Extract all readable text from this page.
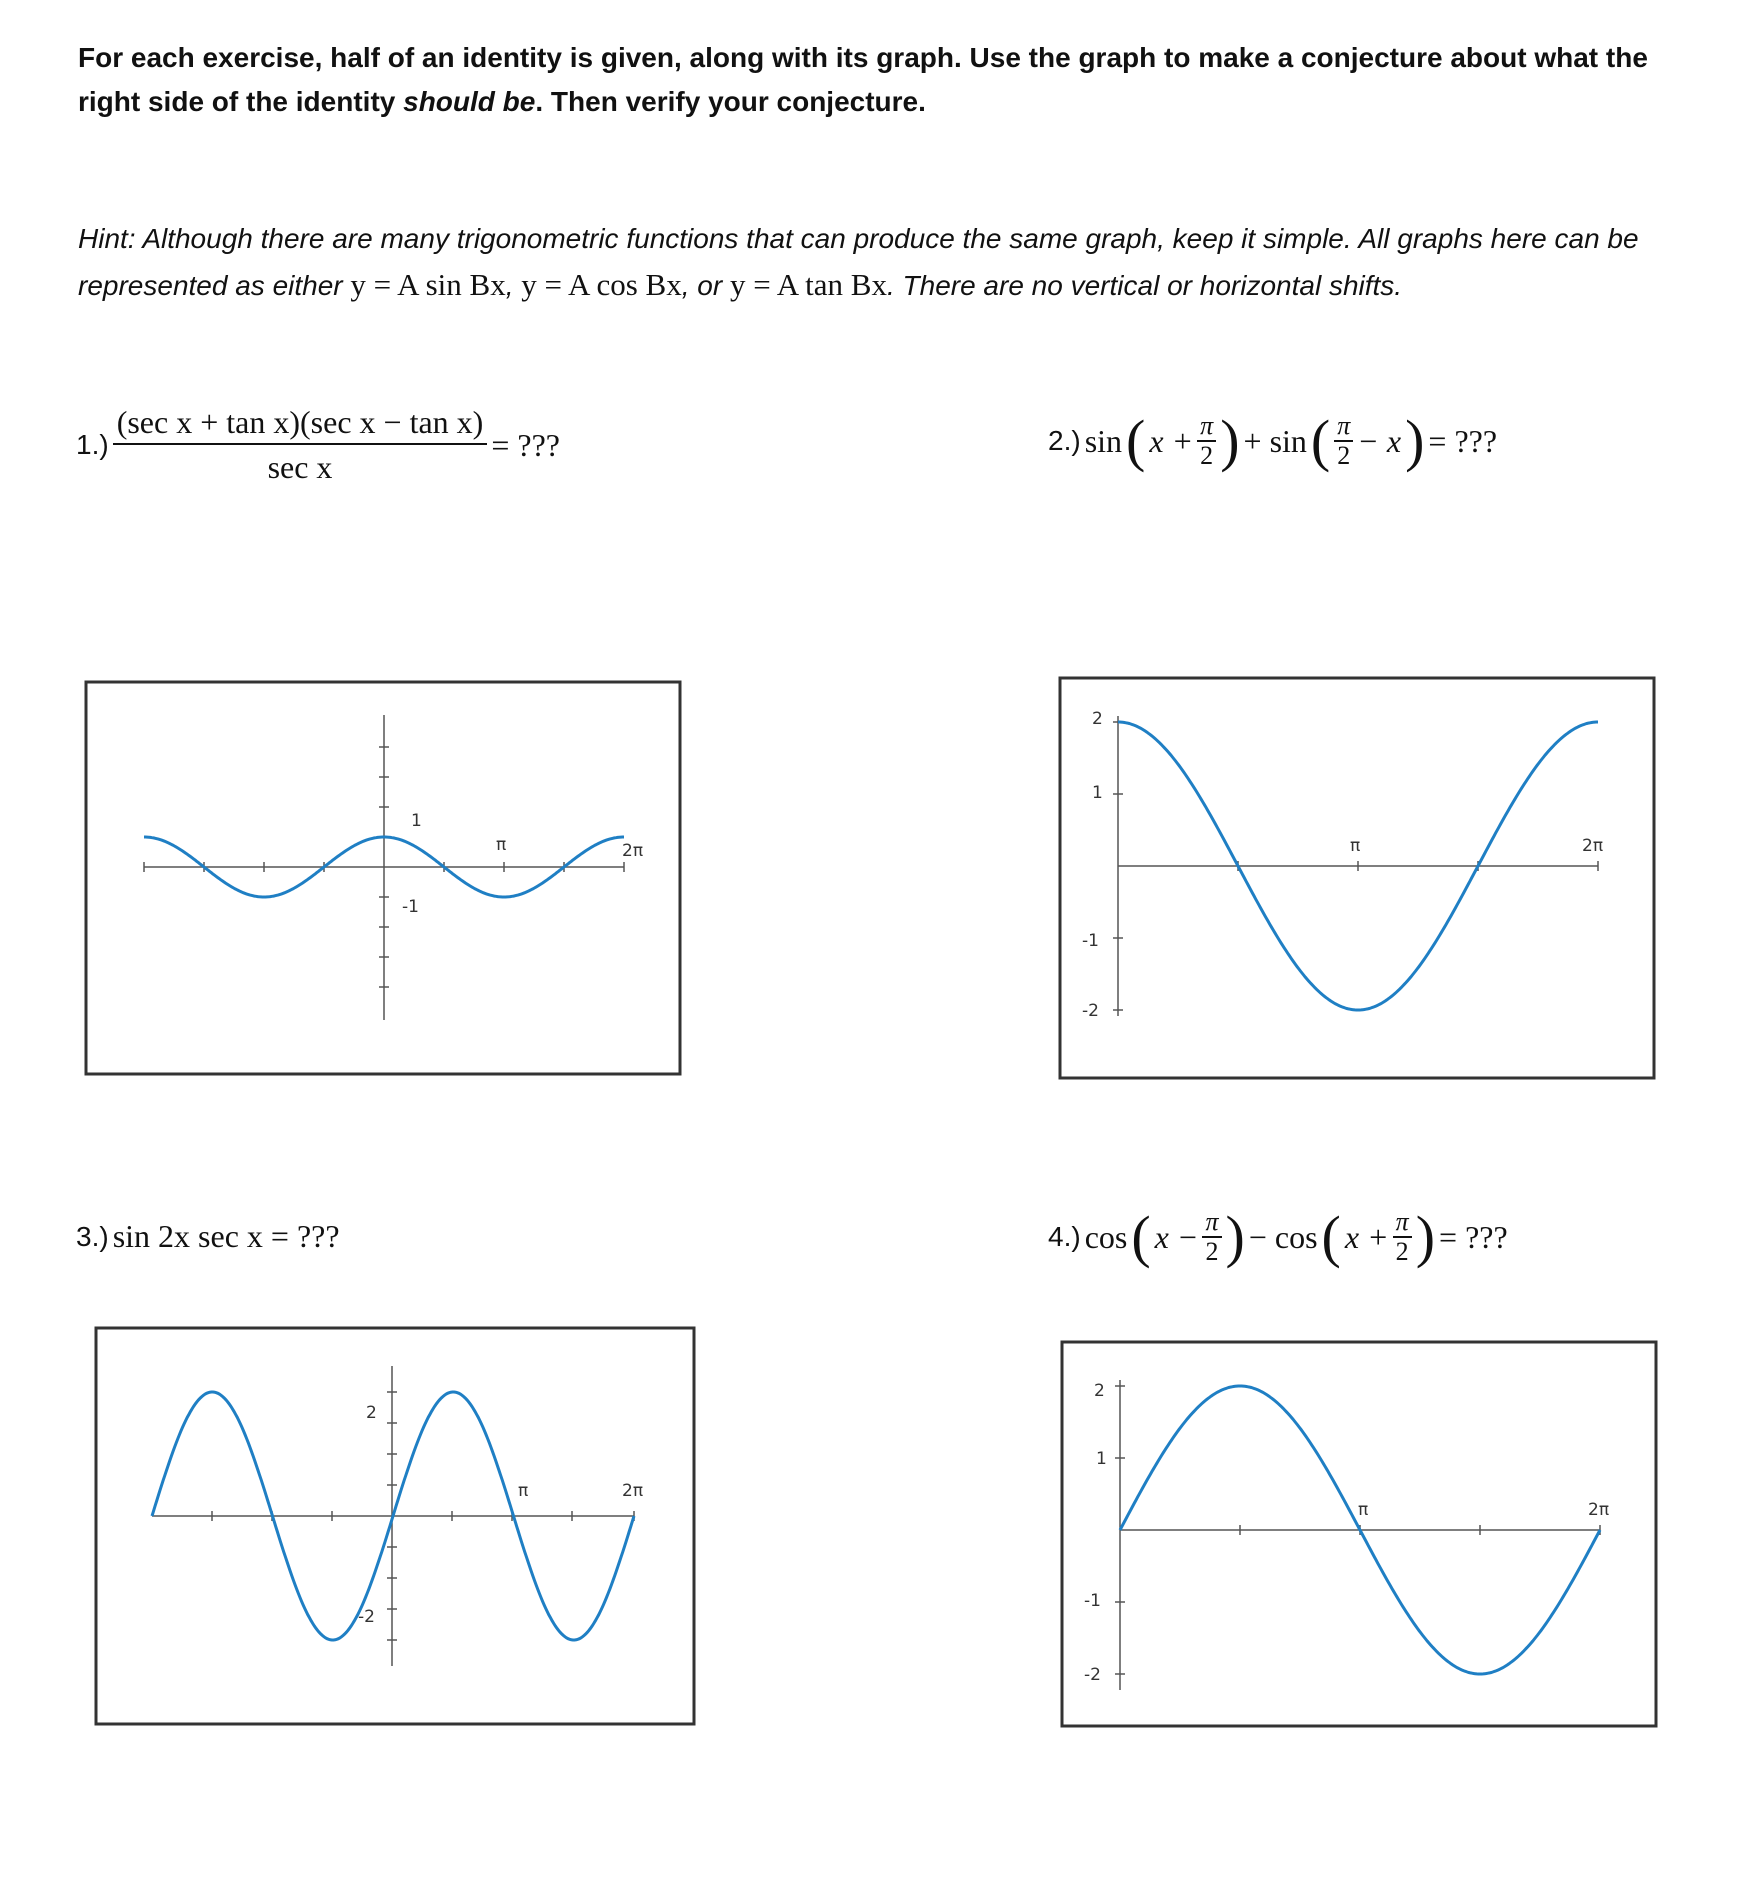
For each exercise, half of an identity is given, along with its graph. Use the graph to make a conjecture about what the right side of the identity should be. Then verify your conjecture.
Hint: Although there are many trigonometric functions that can produce the same graph, keep it simple. All graphs here can be represented as either y = A sin Bx, y = A cos Bx, or y = A tan Bx. There are no vertical or horizontal shifts.
$1.) \frac{\text{(sec x + tan x)(sec x − tan x)}}{\text{sec x}}$ = ???	2.) sin ( $x + \frac{\pi}{2}$ ) + sin ( $\frac{\pi}{2} - x$ ) = ???
3.) sin 2x sec x = ???	4.) cos ( $x - \frac{\pi}{2}$ ) − cos ( $x + \frac{\pi}{2}$ ) = ???
1
-1
π	2π
2
1
-1
-2
π	2π
2
-2
π	2π
2
1
-1
-2
π	2π
